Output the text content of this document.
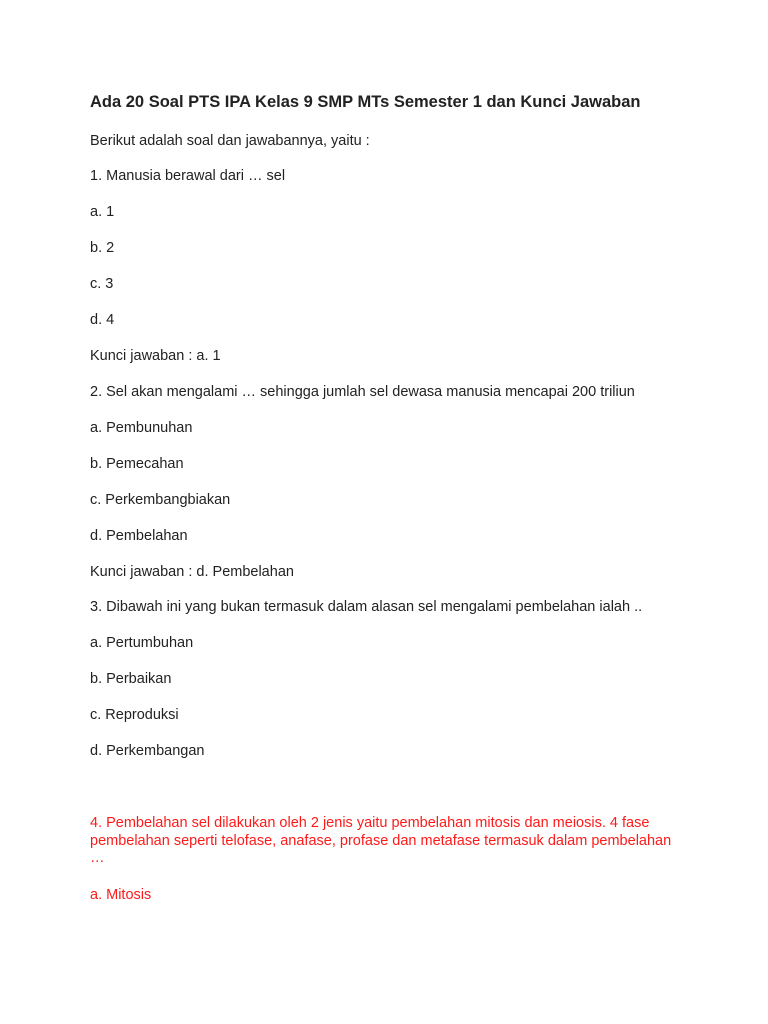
Ada 20 Soal PTS IPA Kelas 9 SMP MTs Semester 1 dan Kunci Jawaban
Berikut adalah soal dan jawabannya, yaitu :
1. Manusia berawal dari … sel
a. 1
b. 2
c. 3
d. 4
Kunci jawaban : a. 1
2. Sel akan mengalami … sehingga jumlah sel dewasa manusia mencapai 200 triliun
a. Pembunuhan
b. Pemecahan
c. Perkembangbiakan
d. Pembelahan
Kunci jawaban : d. Pembelahan
3. Dibawah ini yang bukan termasuk dalam alasan sel mengalami pembelahan ialah ..
a. Pertumbuhan
b. Perbaikan
c. Reproduksi
d. Perkembangan
4. Pembelahan sel dilakukan oleh 2 jenis yaitu pembelahan mitosis dan meiosis. 4 fase pembelahan seperti telofase, anafase, profase dan metafase termasuk dalam pembelahan …
a. Mitosis
